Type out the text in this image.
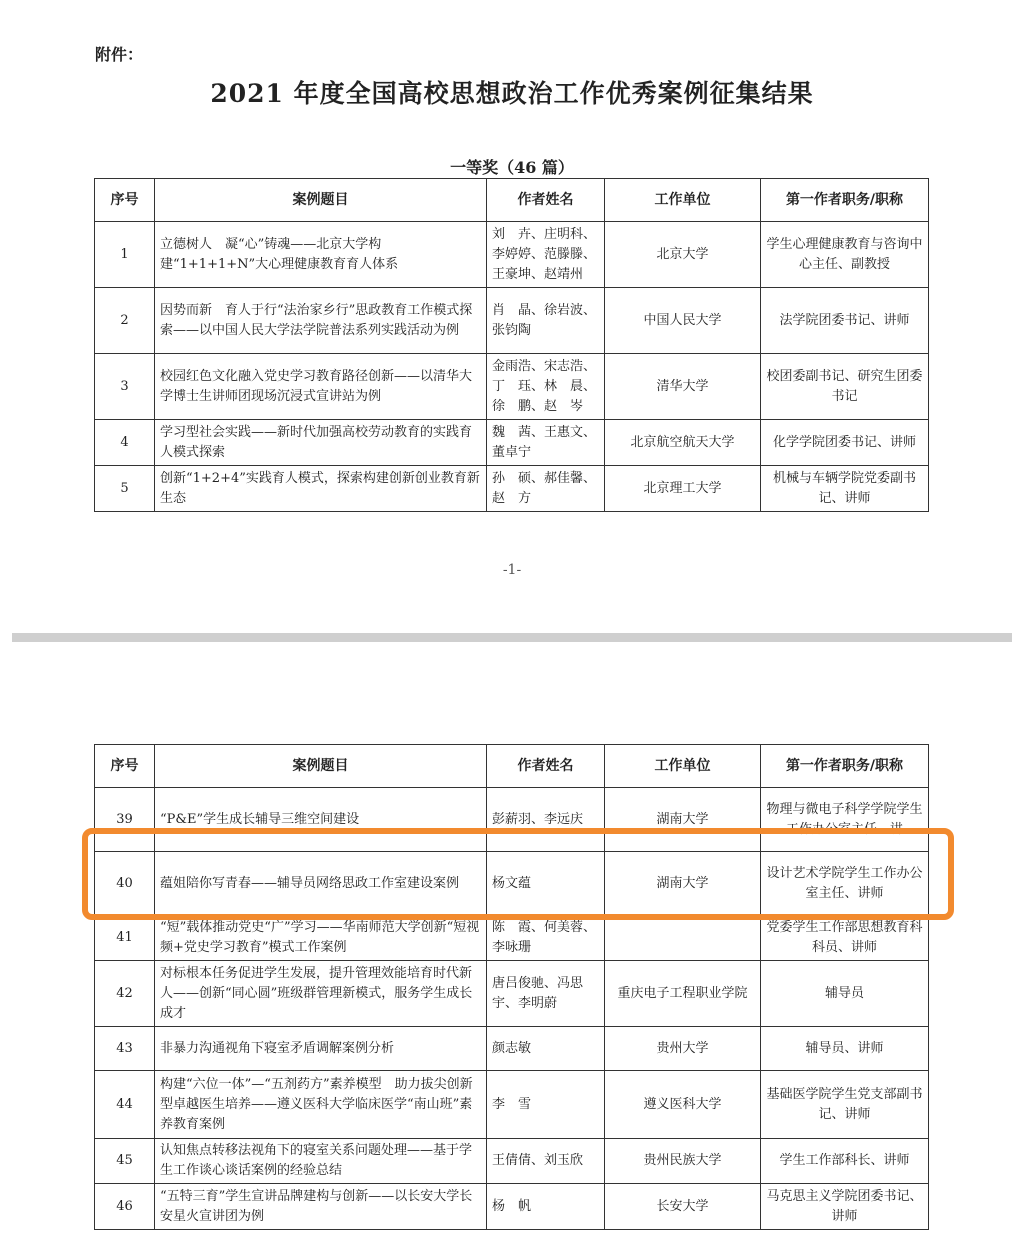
附件：
2021 年度全国高校思想政治工作优秀案例征集结果
一等奖（46 篇）
序号	案例题目	作者姓名	工作单位	第一作者职务/职称
1	立德树人　凝“心”铸魂——北京大学构建“1+1+1+N”大心理健康教育育人体系	刘　卉、庄明科、李婷婷、范滕滕、王豪坤、赵靖州	北京大学	学生心理健康教育与咨询中心主任、副教授
2	因势而新　育人于行“法治家乡行”思政教育工作模式探索——以中国人民大学法学院普法系列实践活动为例	肖　晶、徐岩波、张钧陶	中国人民大学	法学院团委书记、讲师
3	校园红色文化融入党史学习教育路径创新——以清华大学博士生讲师团现场沉浸式宣讲站为例	金雨浩、宋志浩、丁　珏、林　晨、徐　鹏、赵　岑	清华大学	校团委副书记、研究生团委书记
4	学习型社会实践——新时代加强高校劳动教育的实践育人模式探索	魏　茜、王惠文、董卓宁	北京航空航天大学	化学学院团委书记、讲师
5	创新“1+2+4”实践育人模式，探索构建创新创业教育新生态	孙　硕、郝佳馨、赵　方	北京理工大学	机械与车辆学院党委副书记、讲师
-1-
序号	案例题目	作者姓名	工作单位	第一作者职务/职称
39	“P&E”学生成长辅导三维空间建设	彭薪羽、李远庆	湖南大学	物理与微电子科学学院学生工作办公室主任、讲
40	蕴姐陪你写青春——辅导员网络思政工作室建设案例	杨文蕴	湖南大学	设计艺术学院学生工作办公室主任、讲师
41	“短”载体推动党史“广”学习——华南师范大学创新“短视频+党史学习教育”模式工作案例	陈　霞、何美蓉、李咏珊		党委学生工作部思想教育科科员、讲师
42	对标根本任务促进学生发展，提升管理效能培育时代新人——创新“同心圆”班级群管理新模式，服务学生成长成才	唐吕俊驰、冯思宇、李明蔚	重庆电子工程职业学院	辅导员
43	非暴力沟通视角下寝室矛盾调解案例分析	颜志敏	贵州大学	辅导员、讲师
44	构建“六位一体”—“五剂药方”素养模型　助力拔尖创新型卓越医生培养——遵义医科大学临床医学“南山班”素养教育案例	李　雪	遵义医科大学	基础医学院学生党支部副书记、讲师
45	认知焦点转移法视角下的寝室关系问题处理——基于学生工作谈心谈话案例的经验总结	王倩倩、刘玉欣	贵州民族大学	学生工作部科长、讲师
46	“五特三育”学生宣讲品牌建构与创新——以长安大学长安星火宣讲团为例	杨　帆	长安大学	马克思主义学院团委书记、讲师
